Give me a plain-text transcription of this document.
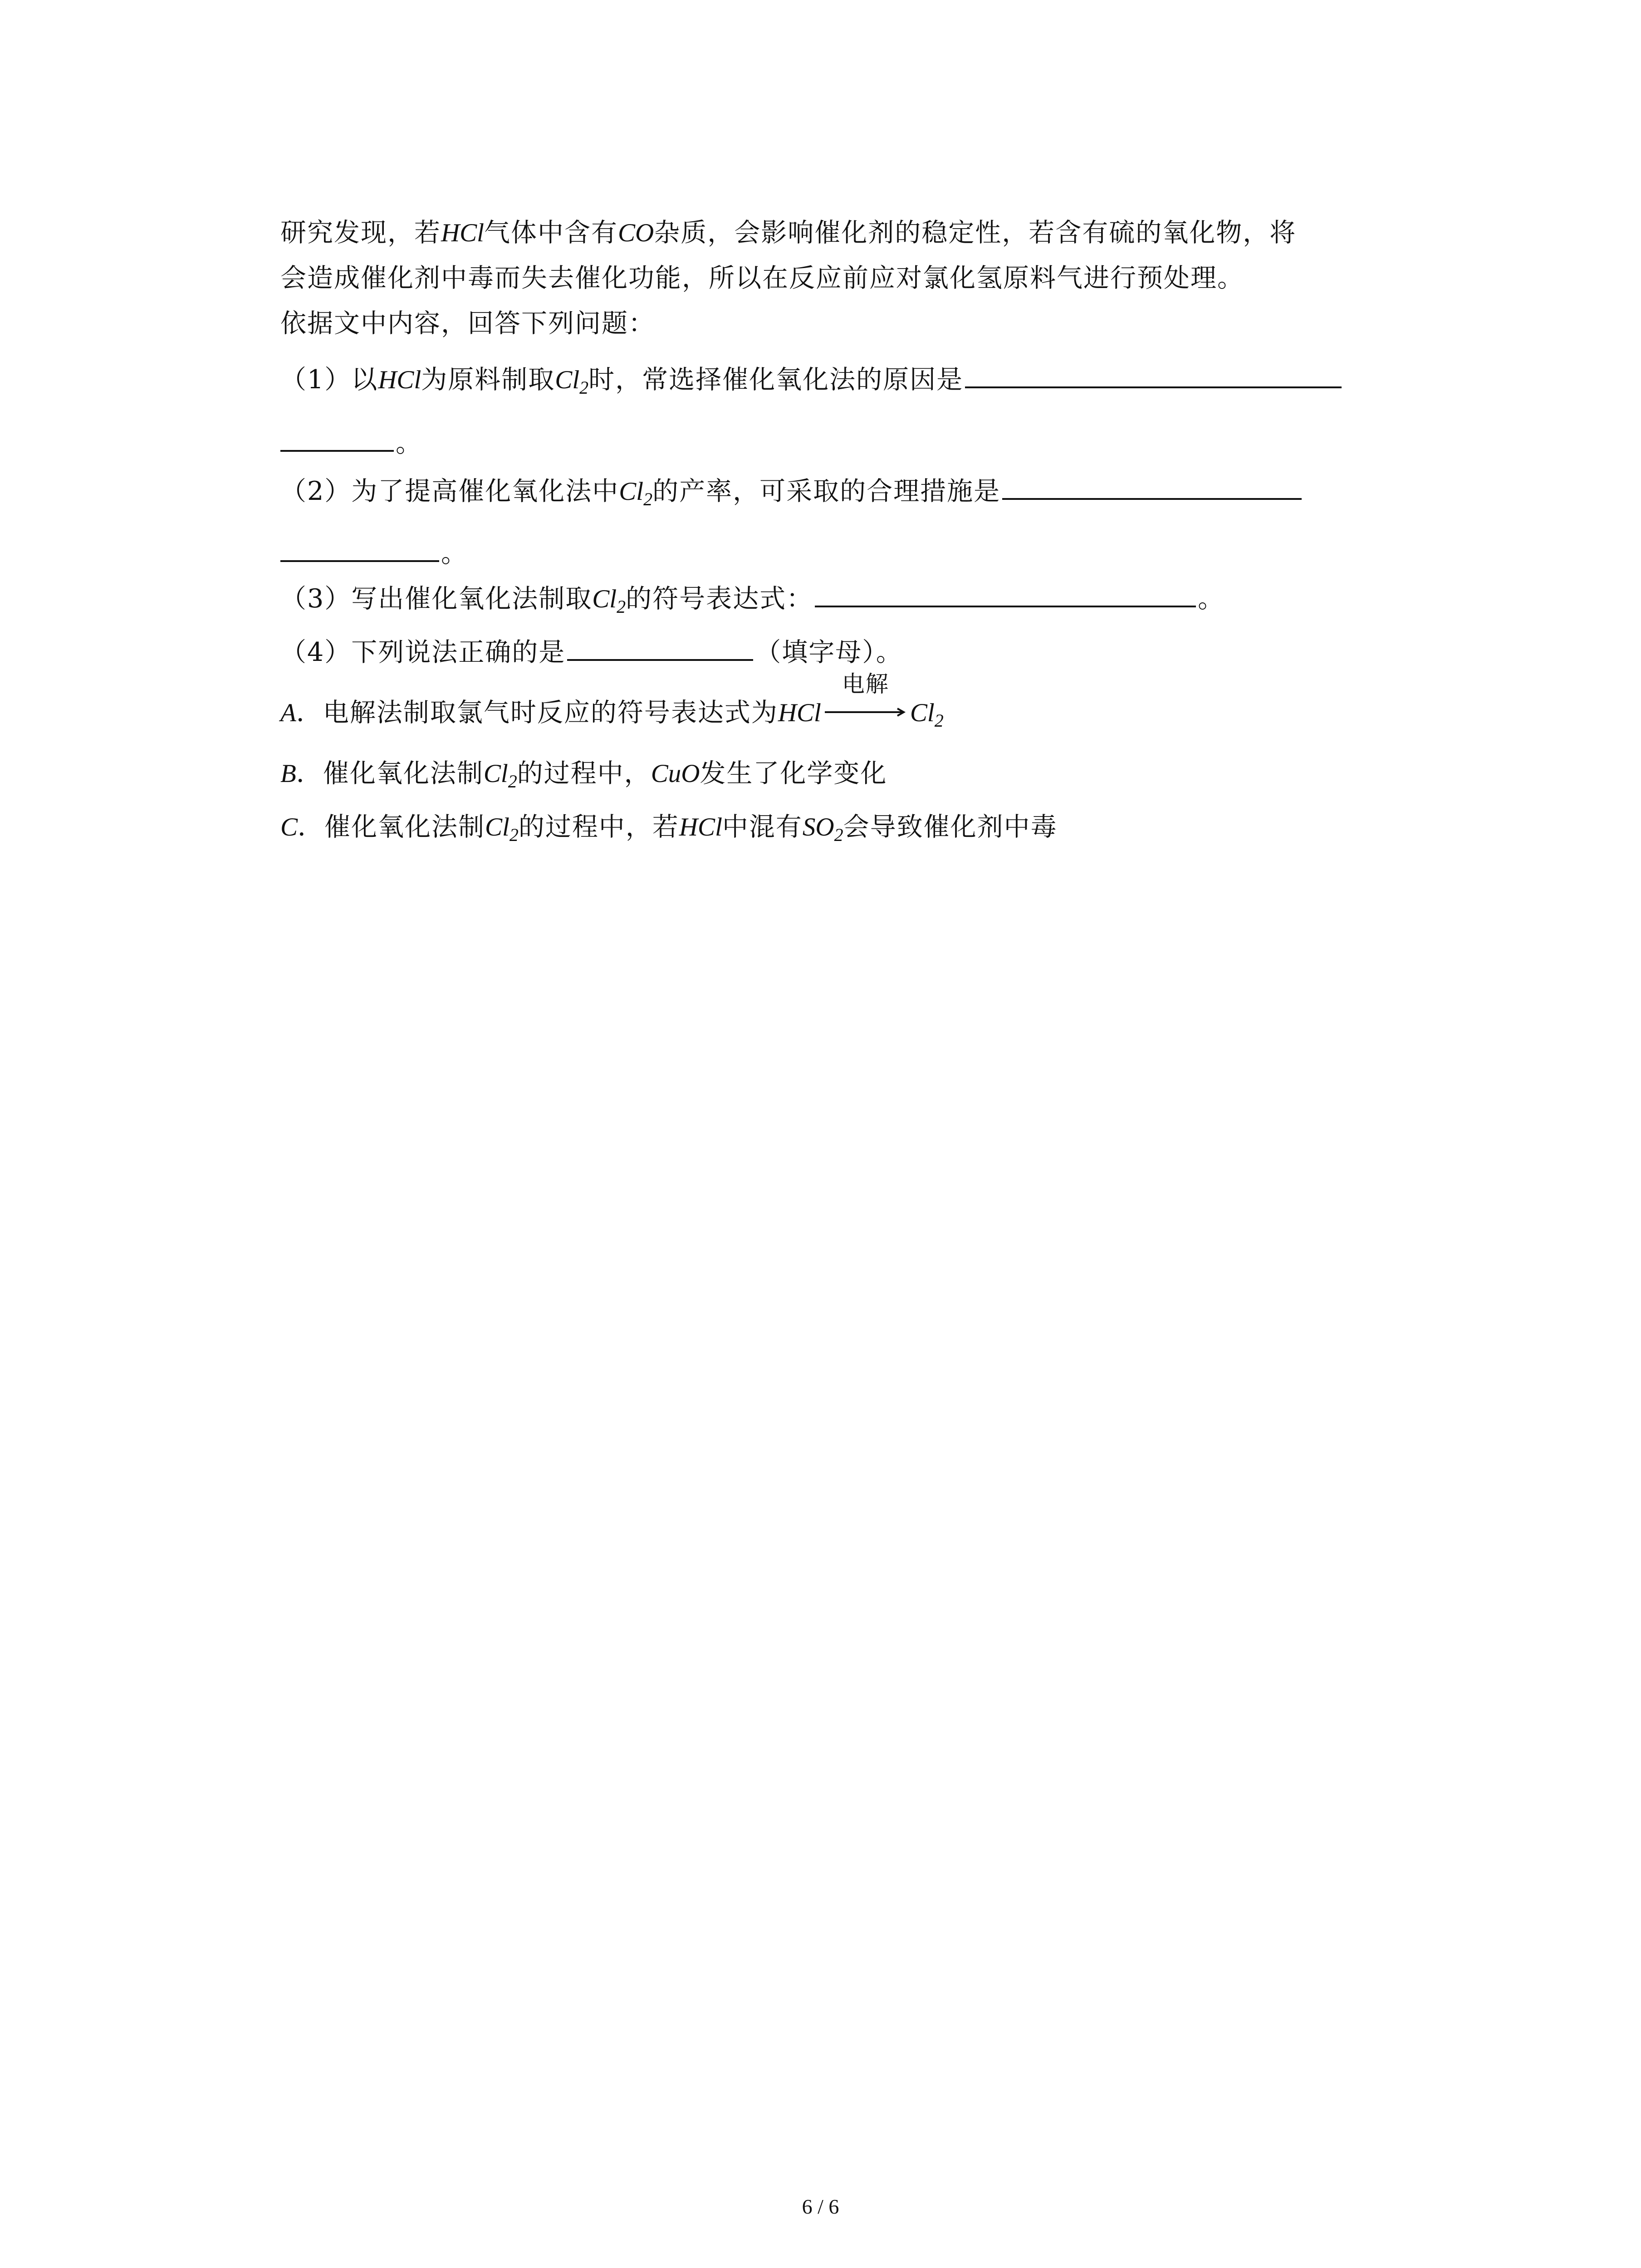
研究发现，若HCl气体中含有CO杂质，会影响催化剂的稳定性，若含有硫的氧化物，将
会造成催化剂中毒而失去催化功能，所以在反应前应对氯化氢原料气进行预处理。
依据文中内容，回答下列问题：
（1）以HCl为原料制取$Cl_2$时，常选择催化氧化法的原因是
。
（2）为了提高催化氧化法中$Cl_2$的产率，可采取的合理措施是
。
（3）写出催化氧化法制取$Cl_2$的符号表达式：	。
（4）下列说法正确的是	（填字母）。
A．电解法制取氯气时反应的符号表达式为HCl
电解
$Cl_2$
B．催化氧化法制$Cl_2$的过程中，CuO发生了化学变化
C．催化氧化法制$Cl_2$的过程中，若HCl中混有$SO_2$会导致催化剂中毒
6 / 6
